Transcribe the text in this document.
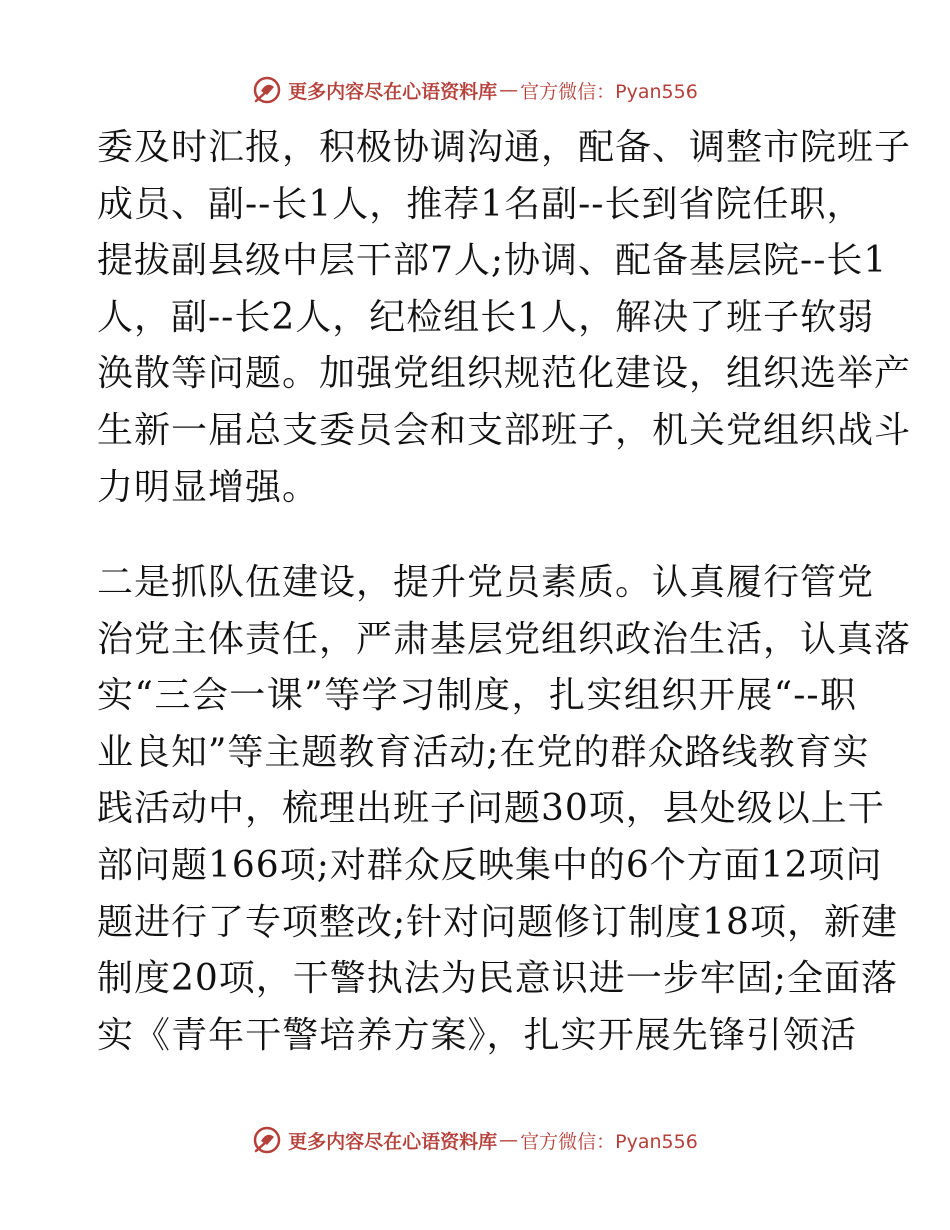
更多内容尽在心语资料库 — 官方微信：Pyan556
委及时汇报，积极协调沟通，配备、调整市院班子
成员、副--长1人，推荐1名副--长到省院任职，
提拔副县级中层干部7人;协调、配备基层院--长1
人，副--长2人，纪检组长1人，解决了班子软弱
涣散等问题。加强党组织规范化建设，组织选举产
生新一届总支委员会和支部班子，机关党组织战斗
力明显增强。
二是抓队伍建设，提升党员素质。认真履行管党
治党主体责任，严肃基层党组织政治生活，认真落
实“三会一课”等学习制度，扎实组织开展“--职
业良知”等主题教育活动;在党的群众路线教育实
践活动中，梳理出班子问题30项，县处级以上干
部问题166项;对群众反映集中的6个方面12项问
题进行了专项整改;针对问题修订制度18项，新建
制度20项，干警执法为民意识进一步牢固;全面落
实《青年干警培养方案》，扎实开展先锋引领活
更多内容尽在心语资料库 — 官方微信：Pyan556
